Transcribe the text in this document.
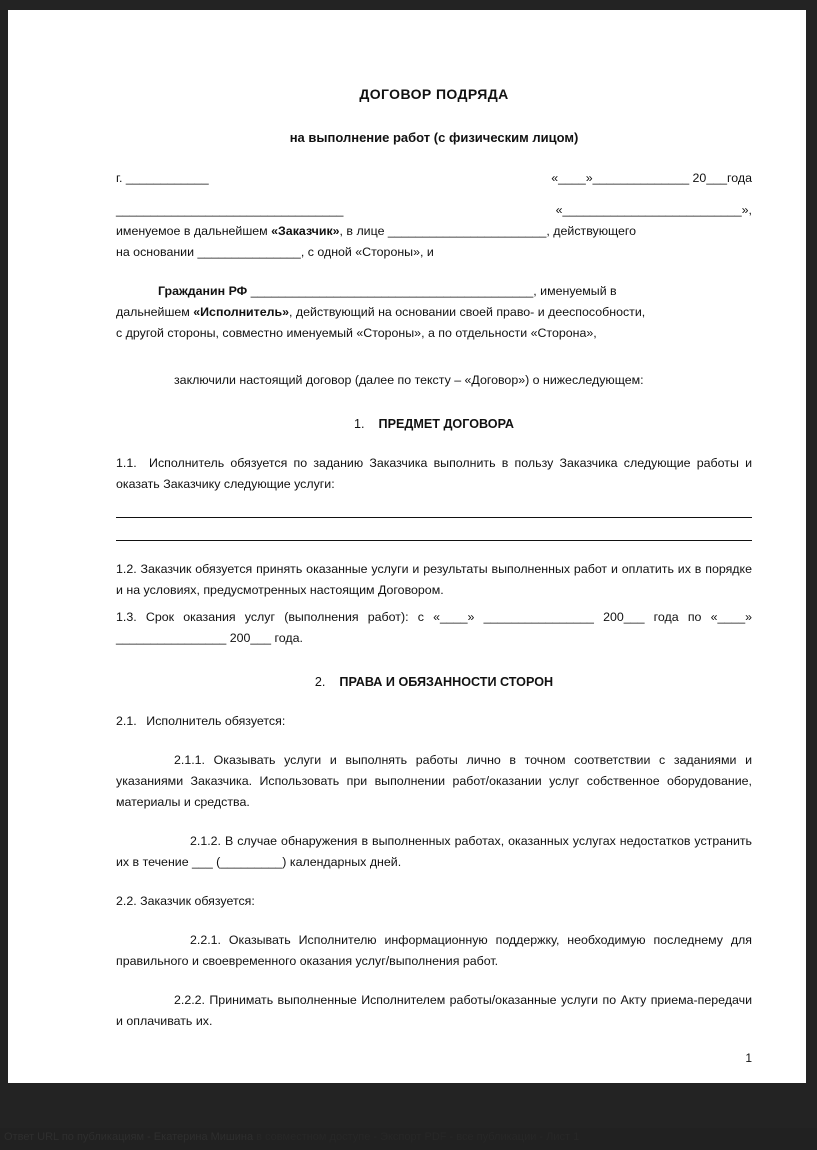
ДОГОВОР ПОДРЯДА
на выполнение работ (с физическим лицом)
г. ____________	«____»______________ 20___года
_________________________________	«__________________________»,

именуемое в дальнейшем «Заказчик», в лице _______________________, действующего

на основании _______________, с одной «Стороны», и

Гражданин РФ _________________________________________, именуемый в

дальнейшем «Исполнитель», действующий на основании своей право- и дееспособности,

с другой стороны, совместно именуемый «Стороны», а по отдельности «Сторона»,

заключили настоящий договор (далее по тексту – «Договор») о нижеследующем:

1. ПРЕДМЕТ ДОГОВОРА

1.1. Исполнитель обязуется по заданию Заказчика выполнить в пользу Заказчика следующие работы и оказать Заказчику следующие услуги:

1.2. Заказчик обязуется принять оказанные услуги и результаты выполненных работ и оплатить их в порядке и на условиях, предусмотренных настоящим Договором.

1.3. Срок оказания услуг (выполнения работ): с «____» ________________ 200___ года по «____» ________________ 200___ года.

2. ПРАВА И ОБЯЗАННОСТИ СТОРОН

2.1.  Исполнитель обязуется:

2.1.1. Оказывать услуги и выполнять работы лично в точном соответствии с заданиями и указаниями Заказчика. Использовать при выполнении работ/оказании услуг собственное оборудование, материалы и средства.

2.1.2. В случае обнаружения в выполненных работах, оказанных услугах недостатков устранить их в течение ___ (_________) календарных дней.

2.2. Заказчик обязуется:

2.2.1. Оказывать Исполнителю информационную поддержку, необходимую последнему для правильного и своевременного оказания услуг/выполнения работ.

2.2.2. Принимать выполненные Исполнителем работы/оказанные услуги по Акту приема-передачи и оплачивать их.

1
Ответ URL по публикациям - Екатерина Мишина в совместном доступе - Экспорт PDF - все публикации - Лист 1
